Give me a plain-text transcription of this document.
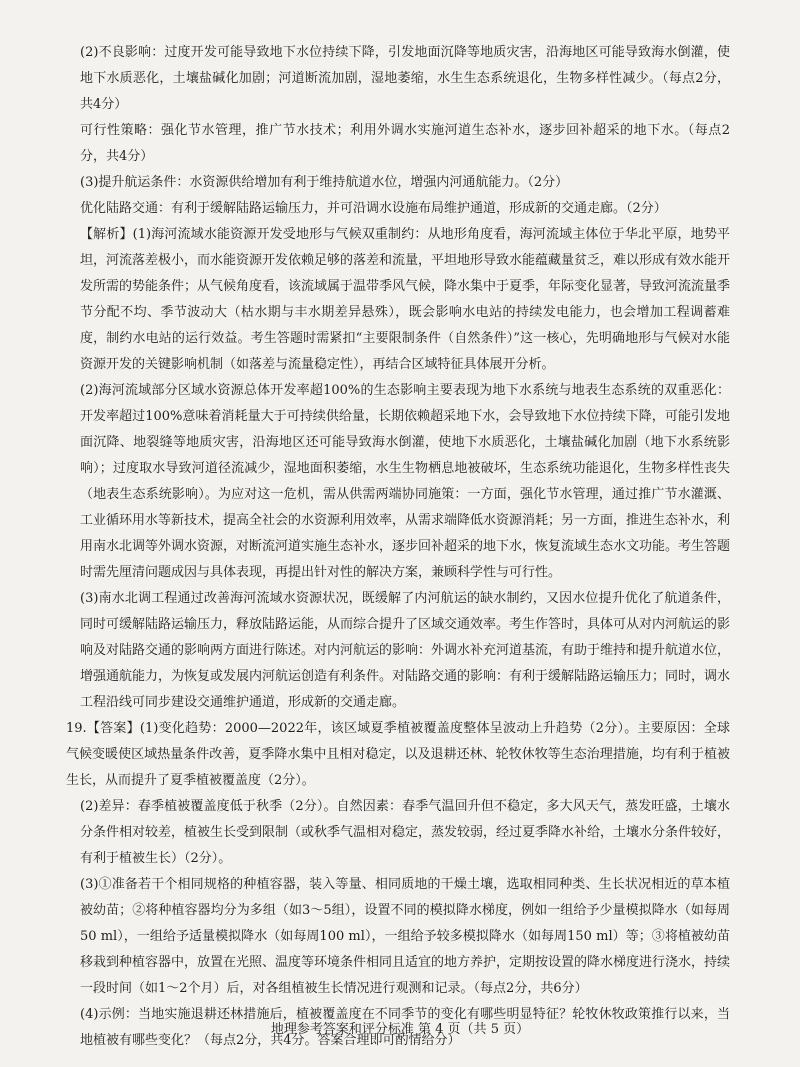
(2)不良影响：过度开发可能导致地下水位持续下降，引发地面沉降等地质灾害，沿海地区可能导致海水倒灌，使地下水质恶化，土壤盐碱化加剧；河道断流加剧，湿地萎缩，水生生态系统退化，生物多样性减少。（每点2分，共4分）

可行性策略：强化节水管理，推广节水技术；利用外调水实施河道生态补水，逐步回补超采的地下水。（每点2分，共4分）

(3)提升航运条件：水资源供给增加有利于维持航道水位，增强内河通航能力。（2分）

优化陆路交通：有利于缓解陆路运输压力，并可沿调水设施布局维护通道，形成新的交通走廊。（2分）

【解析】(1)海河流域水能资源开发受地形与气候双重制约：从地形角度看，海河流域主体位于华北平原，地势平坦，河流落差极小，而水能资源开发依赖足够的落差和流量，平坦地形导致水能蕴藏量贫乏，难以形成有效水能开发所需的势能条件；从气候角度看，该流域属于温带季风气候，降水集中于夏季，年际变化显著，导致河流流量季节分配不均、季节波动大（枯水期与丰水期差异悬殊），既会影响水电站的持续发电能力，也会增加工程调蓄难度，制约水电站的运行效益。考生答题时需紧扣“主要限制条件（自然条件）”这一核心，先明确地形与气候对水能资源开发的关键影响机制（如落差与流量稳定性），再结合区域特征具体展开分析。

(2)海河流域部分区域水资源总体开发率超100%的生态影响主要表现为地下水系统与地表生态系统的双重恶化：开发率超过100%意味着消耗量大于可持续供给量，长期依赖超采地下水，会导致地下水位持续下降，可能引发地面沉降、地裂缝等地质灾害，沿海地区还可能导致海水倒灌，使地下水质恶化，土壤盐碱化加剧（地下水系统影响）；过度取水导致河道径流减少，湿地面积萎缩，水生生物栖息地被破坏，生态系统功能退化，生物多样性丧失（地表生态系统影响）。为应对这一危机，需从供需两端协同施策：一方面，强化节水管理，通过推广节水灌溉、工业循环用水等新技术，提高全社会的水资源利用效率，从需求端降低水资源消耗；另一方面，推进生态补水，利用南水北调等外调水资源，对断流河道实施生态补水，逐步回补超采的地下水，恢复流域生态水文功能。考生答题时需先厘清问题成因与具体表现，再提出针对性的解决方案，兼顾科学性与可行性。

(3)南水北调工程通过改善海河流域水资源状况，既缓解了内河航运的缺水制约，又因水位提升优化了航道条件，同时可缓解陆路运输压力，释放陆路运能，从而综合提升了区域交通效率。考生作答时，具体可从对内河航运的影响及对陆路交通的影响两方面进行陈述。对内河航运的影响：外调水补充河道基流，有助于维持和提升航道水位，增强通航能力，为恢复或发展内河航运创造有利条件。对陆路交通的影响：有利于缓解陆路运输压力；同时，调水工程沿线可同步建设交通维护通道，形成新的交通走廊。

19.【答案】(1)变化趋势：2000—2022年，该区域夏季植被覆盖度整体呈波动上升趋势（2分）。主要原因：全球气候变暖使区域热量条件改善，夏季降水集中且相对稳定，以及退耕还林、轮牧休牧等生态治理措施，均有利于植被生长，从而提升了夏季植被覆盖度（2分）。

(2)差异：春季植被覆盖度低于秋季（2分）。自然因素：春季气温回升但不稳定，多大风天气，蒸发旺盛，土壤水分条件相对较差，植被生长受到限制（或秋季气温相对稳定，蒸发较弱，经过夏季降水补给，土壤水分条件较好，有利于植被生长）（2分）。

(3)①准备若干个相同规格的种植容器，装入等量、相同质地的干燥土壤，选取相同种类、生长状况相近的草本植被幼苗；②将种植容器均分为多组（如3～5组），设置不同的模拟降水梯度，例如一组给予少量模拟降水（如每周50 ml），一组给予适量模拟降水（如每周100 ml），一组给予较多模拟降水（如每周150 ml）等；③将植被幼苗移栽到种植容器中，放置在光照、温度等环境条件相同且适宜的地方养护，定期按设置的降水梯度进行浇水，持续一段时间（如1～2个月）后，对各组植被生长情况进行观测和记录。（每点2分，共6分）

(4)示例：当地实施退耕还林措施后，植被覆盖度在不同季节的变化有哪些明显特征？轮牧休牧政策推行以来，当地植被有哪些变化？（每点2分，共4分。答案合理即可酌情给分）

地理参考答案和评分标准 第 4 页（共 5 页）
